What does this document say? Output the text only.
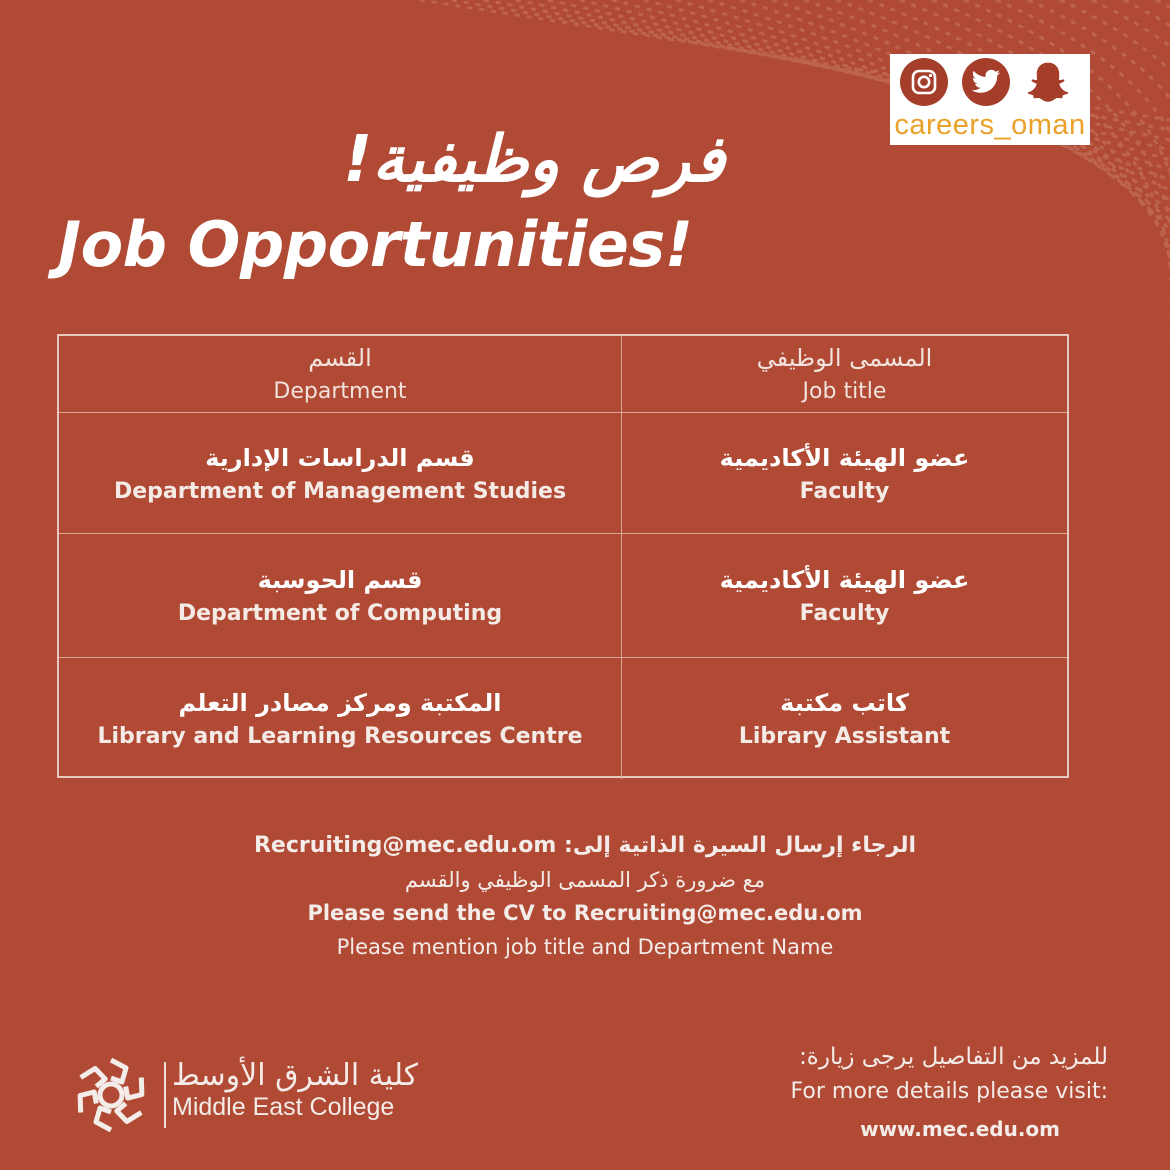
careers_oman
فرص وظيفية!
Job Opportunities!
القسم
Department
المسمى الوظيفي
Job title
قسم الدراسات الإدارية
Department of Management Studies
عضو الهيئة الأكاديمية
Faculty
قسم الحوسبة
Department of Computing
عضو الهيئة الأكاديمية
Faculty
المكتبة ومركز مصادر التعلم
Library and Learning Resources Centre
كاتب مكتبة
Library Assistant
الرجاء إرسال السيرة الذاتية إلى: Recruiting@mec.edu.om
مع ضرورة ذكر المسمى الوظيفي والقسم
Please send the CV to Recruiting@mec.edu.om
Please mention job title and Department Name
كلية الشرق الأوسط
Middle East College
للمزيد من التفاصيل يرجى زيارة:
For more details please visit:
www.mec.edu.om
